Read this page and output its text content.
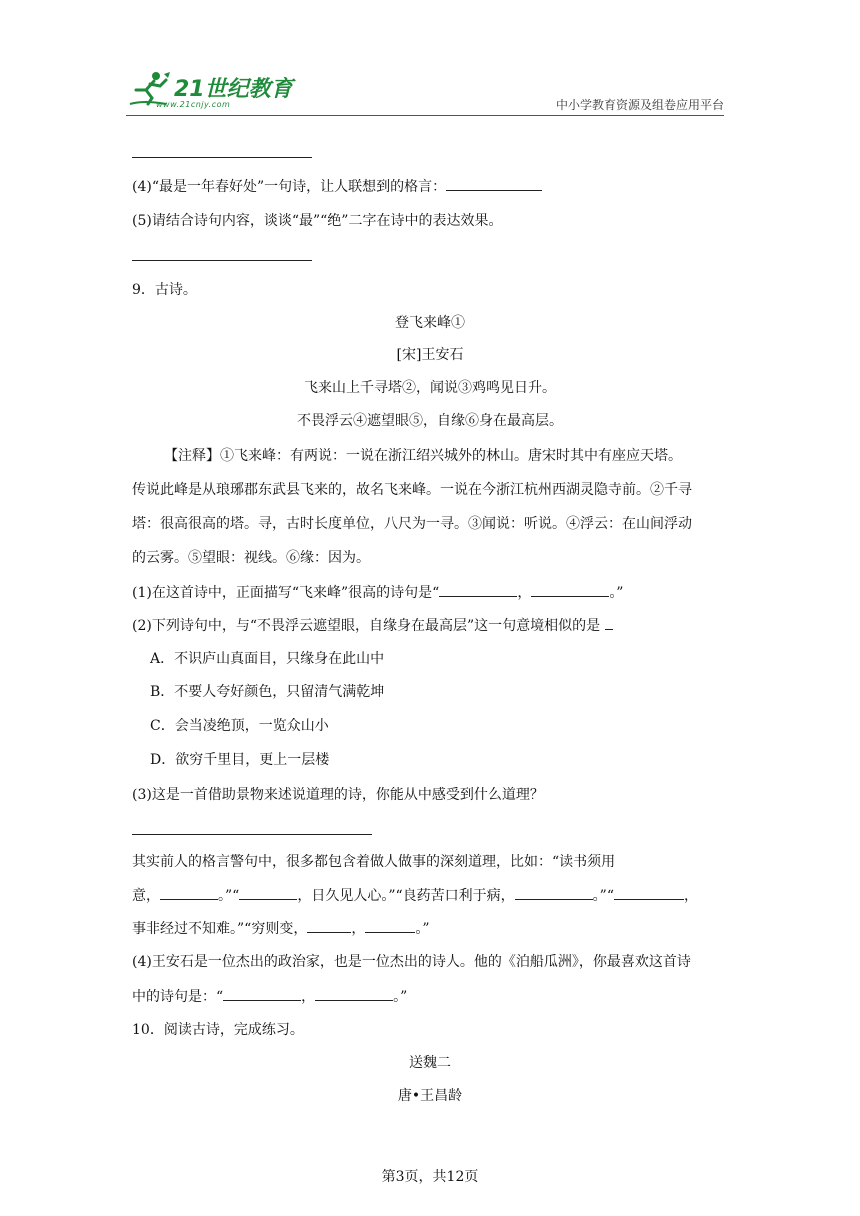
21世纪教育
www.21cnjy.com	中小学教育资源及组卷应用平台
(4)“最是一年春好处”一句诗，让人联想到的格言：
(5)请结合诗句内容，谈谈“最”“绝”二字在诗中的表达效果。
9．古诗。
登飞来峰①
[宋]王安石
飞来山上千寻塔②，闻说③鸡鸣见日升。
不畏浮云④遮望眼⑤，自缘⑥身在最高层。
【注释】①飞来峰：有两说：一说在浙江绍兴城外的林山。唐宋时其中有座应天塔。
传说此峰是从琅琊郡东武县飞来的，故名飞来峰。一说在今浙江杭州西湖灵隐寺前。②千寻
塔：很高很高的塔。寻，古时长度单位，八尺为一寻。③闻说：听说。④浮云：在山间浮动
的云雾。⑤望眼：视线。⑥缘：因为。
(1)在这首诗中，正面描写“飞来峰”很高的诗句是“	，	。”
(2)下列诗句中，与“不畏浮云遮望眼，自缘身在最高层”这一句意境相似的是
A．不识庐山真面目，只缘身在此山中
B．不要人夸好颜色，只留清气满乾坤
C．会当凌绝顶，一览众山小
D．欲穷千里目，更上一层楼
(3)这是一首借助景物来述说道理的诗，你能从中感受到什么道理？
其实前人的格言警句中，很多都包含着做人做事的深刻道理，比如：“读书须用
意，	。”“	，日久见人心。”“良药苦口利于病，	。”“	，
事非经过不知难。”“穷则变，	，	。”
(4)王安石是一位杰出的政治家，也是一位杰出的诗人。他的《泊船瓜洲》，你最喜欢这首诗
中的诗句是：“	，	。”
10．阅读古诗，完成练习。
送魏二
唐•王昌龄
第3页，共12页
